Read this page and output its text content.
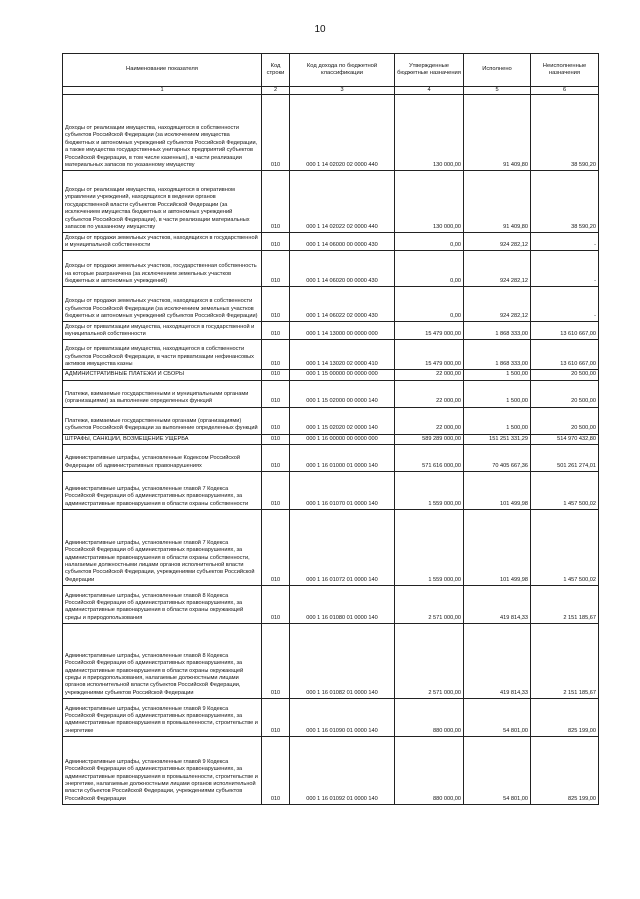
10
Наименование показателя	Код строки	Код дохода по бюджетной классификации	Утвержденные бюджетные назначения	Исполнено	Неисполненные назначения
1	2	3	4	5	6
Доходы от реализации имущества, находящегося в собственности субъектов Российской Федерации (за исключением имущества бюджетных и автономных учреждений субъектов Российской Федерации, а также имущества государственных унитарных предприятий субъектов Российской Федерации, в том числе казенных), в части реализации материальных запасов по указанному имуществу	010	000 1 14 02020 02 0000 440	130 000,00	91 409,80	38 590,20
Доходы от реализации имущества, находящегося в оперативном управлении учреждений, находящихся в ведении органов государственной власти субъектов Российской Федерации (за исключением имущества бюджетных и автономных учреждений субъектов Российской Федерации), в части реализации материальных запасов по указанному имуществу	010	000 1 14 02022 02 0000 440	130 000,00	91 409,80	38 590,20
Доходы от продажи земельных участков, находящихся в государственной и муниципальной собственности	010	000 1 14 06000 00 0000 430	0,00	924 282,12	-
Доходы от продажи земельных участков, государственная собственность на которые разграничена (за исключением земельных участков бюджетных и автономных учреждений)	010	000 1 14 06020 00 0000 430	0,00	924 282,12	-
Доходы от продажи земельных участков, находящихся в собственности субъектов Российской Федерации (за исключением земельных участков бюджетных и автономных учреждений субъектов Российской Федерации)	010	000 1 14 06022 02 0000 430	0,00	924 282,12	-
Доходы от приватизации имущества, находящегося в государственной и муниципальной собственности	010	000 1 14 13000 00 0000 000	15 479 000,00	1 868 333,00	13 610 667,00
Доходы от приватизации имущества, находящегося в собственности субъектов Российской Федерации, в части приватизации нефинансовых активов имущества казны	010	000 1 14 13020 02 0000 410	15 479 000,00	1 868 333,00	13 610 667,00
АДМИНИСТРАТИВНЫЕ ПЛАТЕЖИ И СБОРЫ	010	000 1 15 00000 00 0000 000	22 000,00	1 500,00	20 500,00
Платежи, взимаемые государственными и муниципальными органами (организациями) за выполнение определенных функций	010	000 1 15 02000 00 0000 140	22 000,00	1 500,00	20 500,00
Платежи, взимаемые государственными органами (организациями) субъектов Российской Федерации за выполнение определенных функций	010	000 1 15 02020 02 0000 140	22 000,00	1 500,00	20 500,00
ШТРАФЫ, САНКЦИИ, ВОЗМЕЩЕНИЕ УЩЕРБА	010	000 1 16 00000 00 0000 000	589 289 000,00	151 251 331,29	514 970 432,80
Административные штрафы, установленные Кодексом Российской Федерации об административных правонарушениях	010	000 1 16 01000 01 0000 140	571 616 000,00	70 405 667,36	501 261 274,01
Административные штрафы, установленные главой 7 Кодекса Российской Федерации об административных правонарушениях, за административные правонарушения в области охраны собственности	010	000 1 16 01070 01 0000 140	1 559 000,00	101 499,98	1 457 500,02
Административные штрафы, установленные главой 7 Кодекса Российской Федерации об административных правонарушениях, за административные правонарушения в области охраны собственности, налагаемые должностными лицами органов исполнительной власти субъектов Российской Федерации, учреждениями субъектов Российской Федерации	010	000 1 16 01072 01 0000 140	1 559 000,00	101 499,98	1 457 500,02
Административные штрафы, установленные главой 8 Кодекса Российской Федерации об административных правонарушениях, за административные правонарушения в области охраны окружающей среды и природопользования	010	000 1 16 01080 01 0000 140	2 571 000,00	419 814,33	2 151 185,67
Административные штрафы, установленные главой 8 Кодекса Российской Федерации об административных правонарушениях, за административные правонарушения в области охраны окружающей среды и природопользования, налагаемые должностными лицами органов исполнительной власти субъектов Российской Федерации, учреждениями субъектов Российской Федерации	010	000 1 16 01082 01 0000 140	2 571 000,00	419 814,33	2 151 185,67
Административные штрафы, установленные главой 9 Кодекса Российской Федерации об административных правонарушениях, за административные правонарушения в промышленности, строительстве и энергетике	010	000 1 16 01090 01 0000 140	880 000,00	54 801,00	825 199,00
Административные штрафы, установленные главой 9 Кодекса Российской Федерации об административных правонарушениях, за административные правонарушения в промышленности, строительстве и энергетике, налагаемые должностными лицами органов исполнительной власти субъектов Российской Федерации, учреждениями субъектов Российской Федерации	010	000 1 16 01092 01 0000 140	880 000,00	54 801,00	825 199,00
